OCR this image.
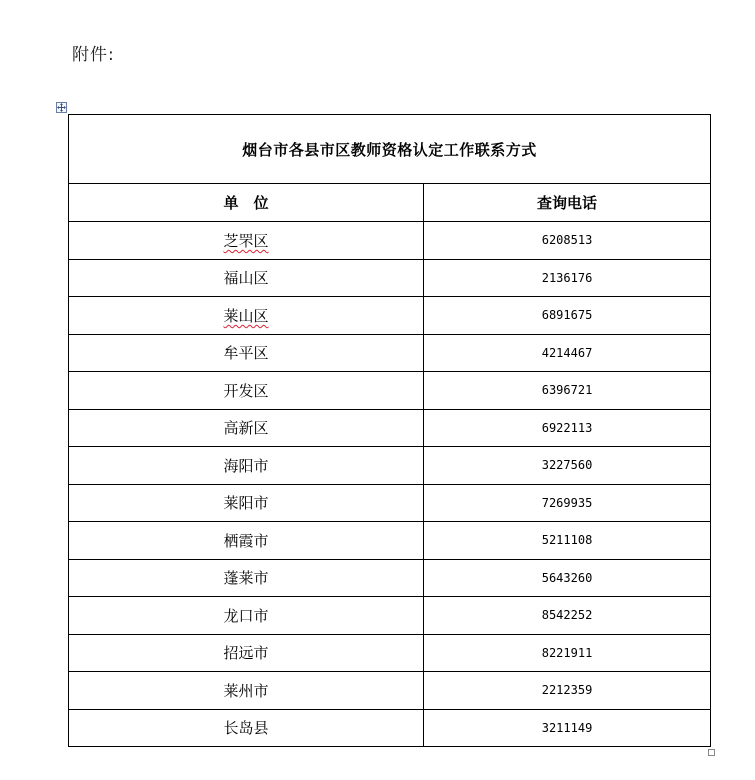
附件:
烟台市各县市区教师资格认定工作联系方式	
单　位	查询电话
芝罘区	6208513
福山区	2136176
莱山区	6891675
牟平区	4214467
开发区	6396721
高新区	6922113
海阳市	3227560
莱阳市	7269935
栖霞市	5211108
蓬莱市	5643260
龙口市	8542252
招远市	8221911
莱州市	2212359
长岛县	3211149
